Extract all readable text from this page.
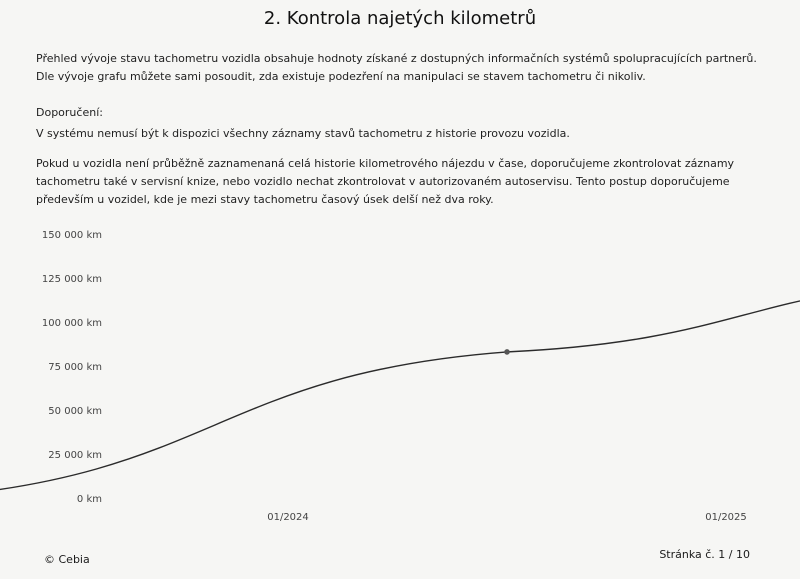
2. Kontrola najetých kilometrů

Přehled vývoje stavu tachometru vozidla obsahuje hodnoty získané z dostupných informačních systémů spolupracujících partnerů. Dle vývoje grafu můžete sami posoudit, zda existuje podezření na manipulaci se stavem tachometru či nikoliv.

Doporučení:

V systému nemusí být k dispozici všechny záznamy stavů tachometru z historie provozu vozidla.

Pokud u vozidla není průběžně zaznamenaná celá historie kilometrového nájezdu v čase, doporučujeme zkontrolovat záznamy tachometru také v servisní knize, nebo vozidlo nechat zkontrolovat v autorizovaném autoservisu. Tento postup doporučujeme především u vozidel, kde je mezi stavy tachometru časový úsek delší než dva roky.

0 km
25 000 km
50 000 km
75 000 km
100 000 km
125 000 km
150 000 km
01/2024	01/2025
© Cebia	Stránka č. 1 / 10
